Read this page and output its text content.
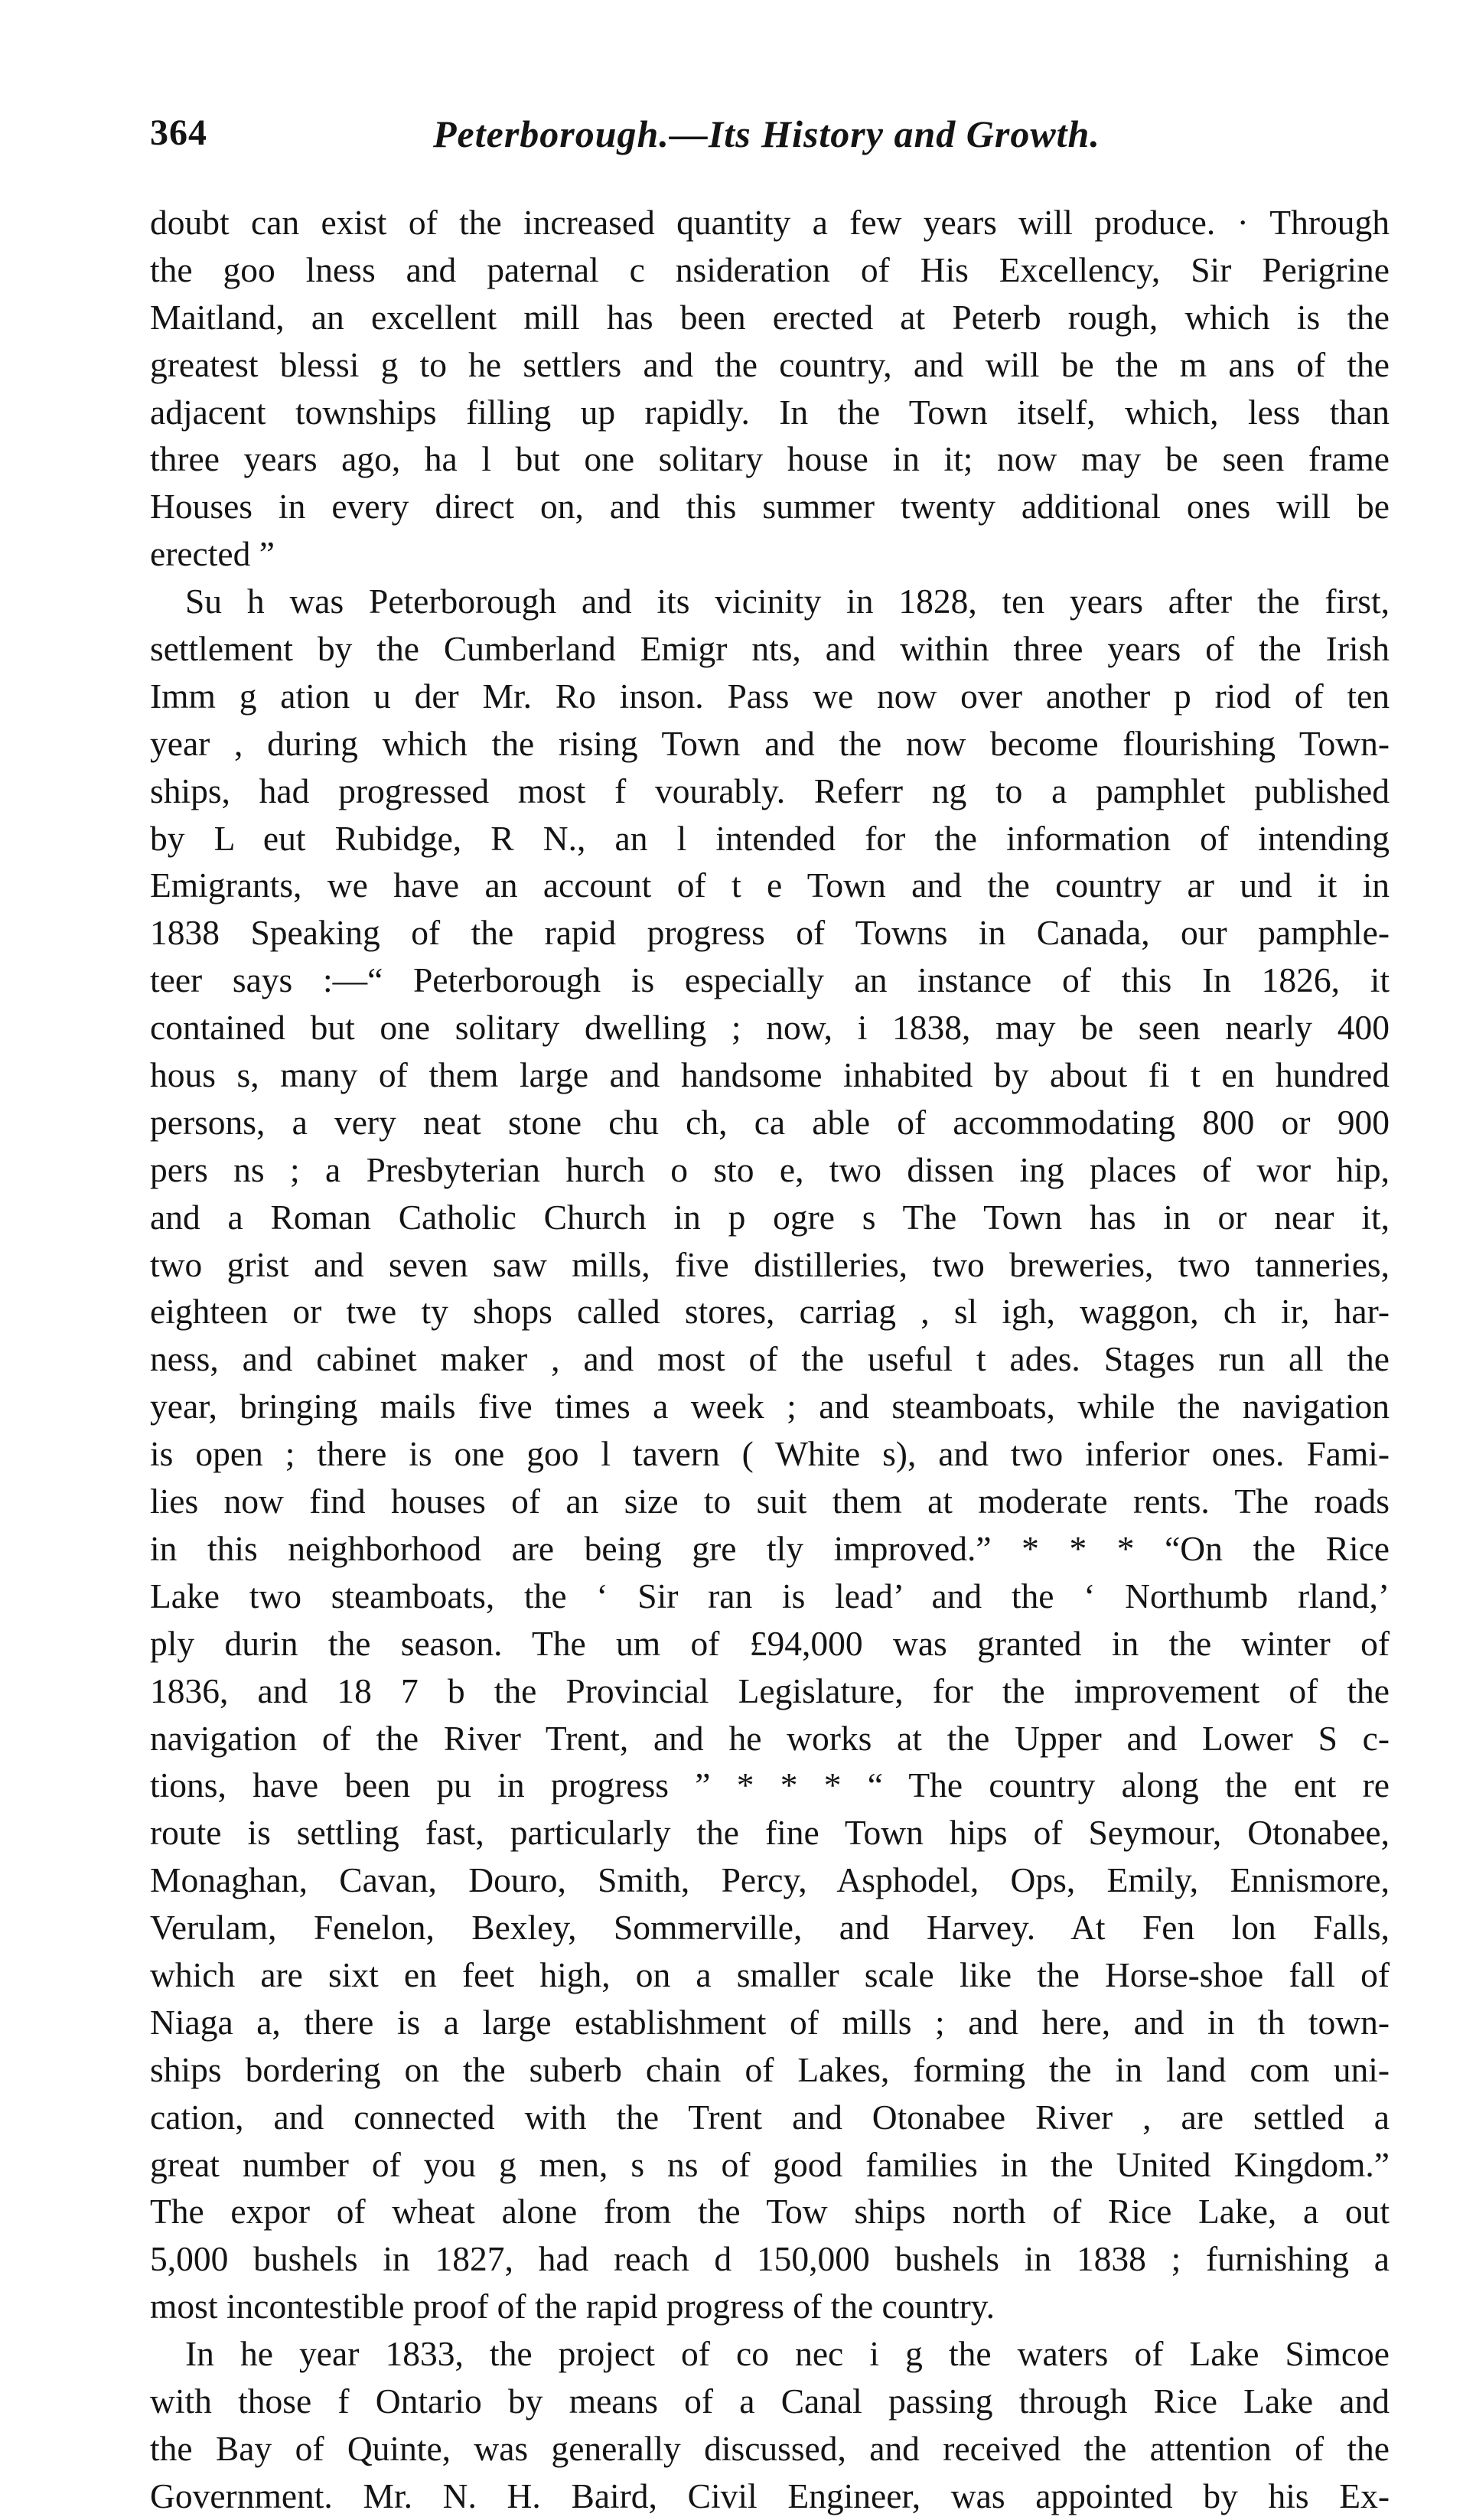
364	Peterborough.—Its History and Growth.
doubt can exist of the increased quantity a few years will produce. · Through
the goo lness and paternal c nsideration of His Excellency, Sir Perigrine
Maitland, an excellent mill has been erected at Peterb rough, which is the
greatest blessi g to he settlers and the country, and will be the m ans of the
adjacent townships filling up rapidly. In the Town itself, which, less than
three years ago, ha l but one solitary house in it; now may be seen frame
Houses in every direct on, and this summer twenty additional ones will be
erected ”
Su h was Peterborough and its vicinity in 1828, ten years after the first,
settlement by the Cumberland Emigr nts, and within three years of the Irish
Imm g ation u der Mr. Ro inson. Pass we now over another p riod of ten
year , during which the rising Town and the now become flourishing Town-
ships, had progressed most f vourably. Referr ng to a pamphlet published
by L eut Rubidge, R N., an l intended for the information of intending
Emigrants, we have an account of t e Town and the country ar und it in
1838 Speaking of the rapid progress of Towns in Canada, our pamphle-
teer says :—“ Peterborough is especially an instance of this In 1826, it
contained but one solitary dwelling ; now, i 1838, may be seen nearly 400
hous s, many of them large and handsome inhabited by about fi t en hundred
persons, a very neat stone chu ch, ca able of accommodating 800 or 900
pers ns ; a Presbyterian hurch o sto e, two dissen ing places of wor hip,
and a Roman Catholic Church in p ogre s The Town has in or near it,
two grist and seven saw mills, five distilleries, two breweries, two tanneries,
eighteen or twe ty shops called stores, carriag , sl igh, waggon, ch ir, har-
ness, and cabinet maker , and most of the useful t ades. Stages run all the
year, bringing mails five times a week ; and steamboats, while the navigation
is open ; there is one goo l tavern ( White s), and two inferior ones. Fami-
lies now find houses of an size to suit them at moderate rents. The roads
in this neighborhood are being gre tly improved.” * * * “On the Rice
Lake two steamboats, the ‘ Sir ran is lead’ and the ‘ Northumb rland,’
ply durin the season. The um of £94,000 was granted in the winter of
1836, and 18 7 b the Provincial Legislature, for the improvement of the
navigation of the River Trent, and he works at the Upper and Lower S c-
tions, have been pu in progress ” * * * “ The country along the ent re
route is settling fast, particularly the fine Town hips of Seymour, Otonabee,
Monaghan, Cavan, Douro, Smith, Percy, Asphodel, Ops, Emily, Ennismore,
Verulam, Fenelon, Bexley, Sommerville, and Harvey. At Fen lon Falls,
which are sixt en feet high, on a smaller scale like the Horse-shoe fall of
Niaga a, there is a large establishment of mills ; and here, and in th town-
ships bordering on the suberb chain of Lakes, forming the in land com uni-
cation, and connected with the Trent and Otonabee River , are settled a
great number of you g men, s ns of good families in the United Kingdom.”
The expor of wheat alone from the Tow ships north of Rice Lake, a out
5,000 bushels in 1827, had reach d 150,000 bushels in 1838 ; furnishing a
most incontestible proof of the rapid progress of the country.
In he year 1833, the project of co nec i g the waters of Lake Simcoe
with those f Ontario by means of a Canal passing through Rice Lake and
the Bay of Quinte, was generally discussed, and received the attention of the
Government. Mr. N. H. Baird, Civil Engineer, was appointed by his Ex-
